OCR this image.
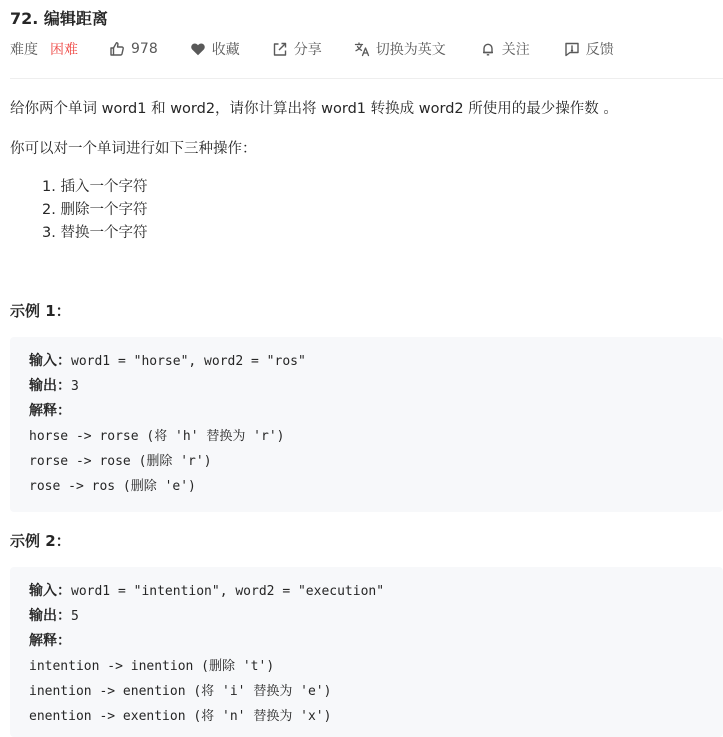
72. 编辑距离
难度 困难	978	收藏	分享	切换为英文	关注	反馈
给你两个单词 word1 和 word2，请你计算出将 word1 转换成 word2 所使用的最少操作数 。
你可以对一个单词进行如下三种操作：
1. 插入一个字符
2. 删除一个字符
3. 替换一个字符
示例 1：
输入：word1 = "horse", word2 = "ros"
输出：3
解释：
horse -> rorse (将 'h' 替换为 'r')
rorse -> rose (删除 'r')
rose -> ros (删除 'e')
示例 2：
输入：word1 = "intention", word2 = "execution"
输出：5
解释：
intention -> inention (删除 't')
inention -> enention (将 'i' 替换为 'e')
enention -> exention (将 'n' 替换为 'x')
